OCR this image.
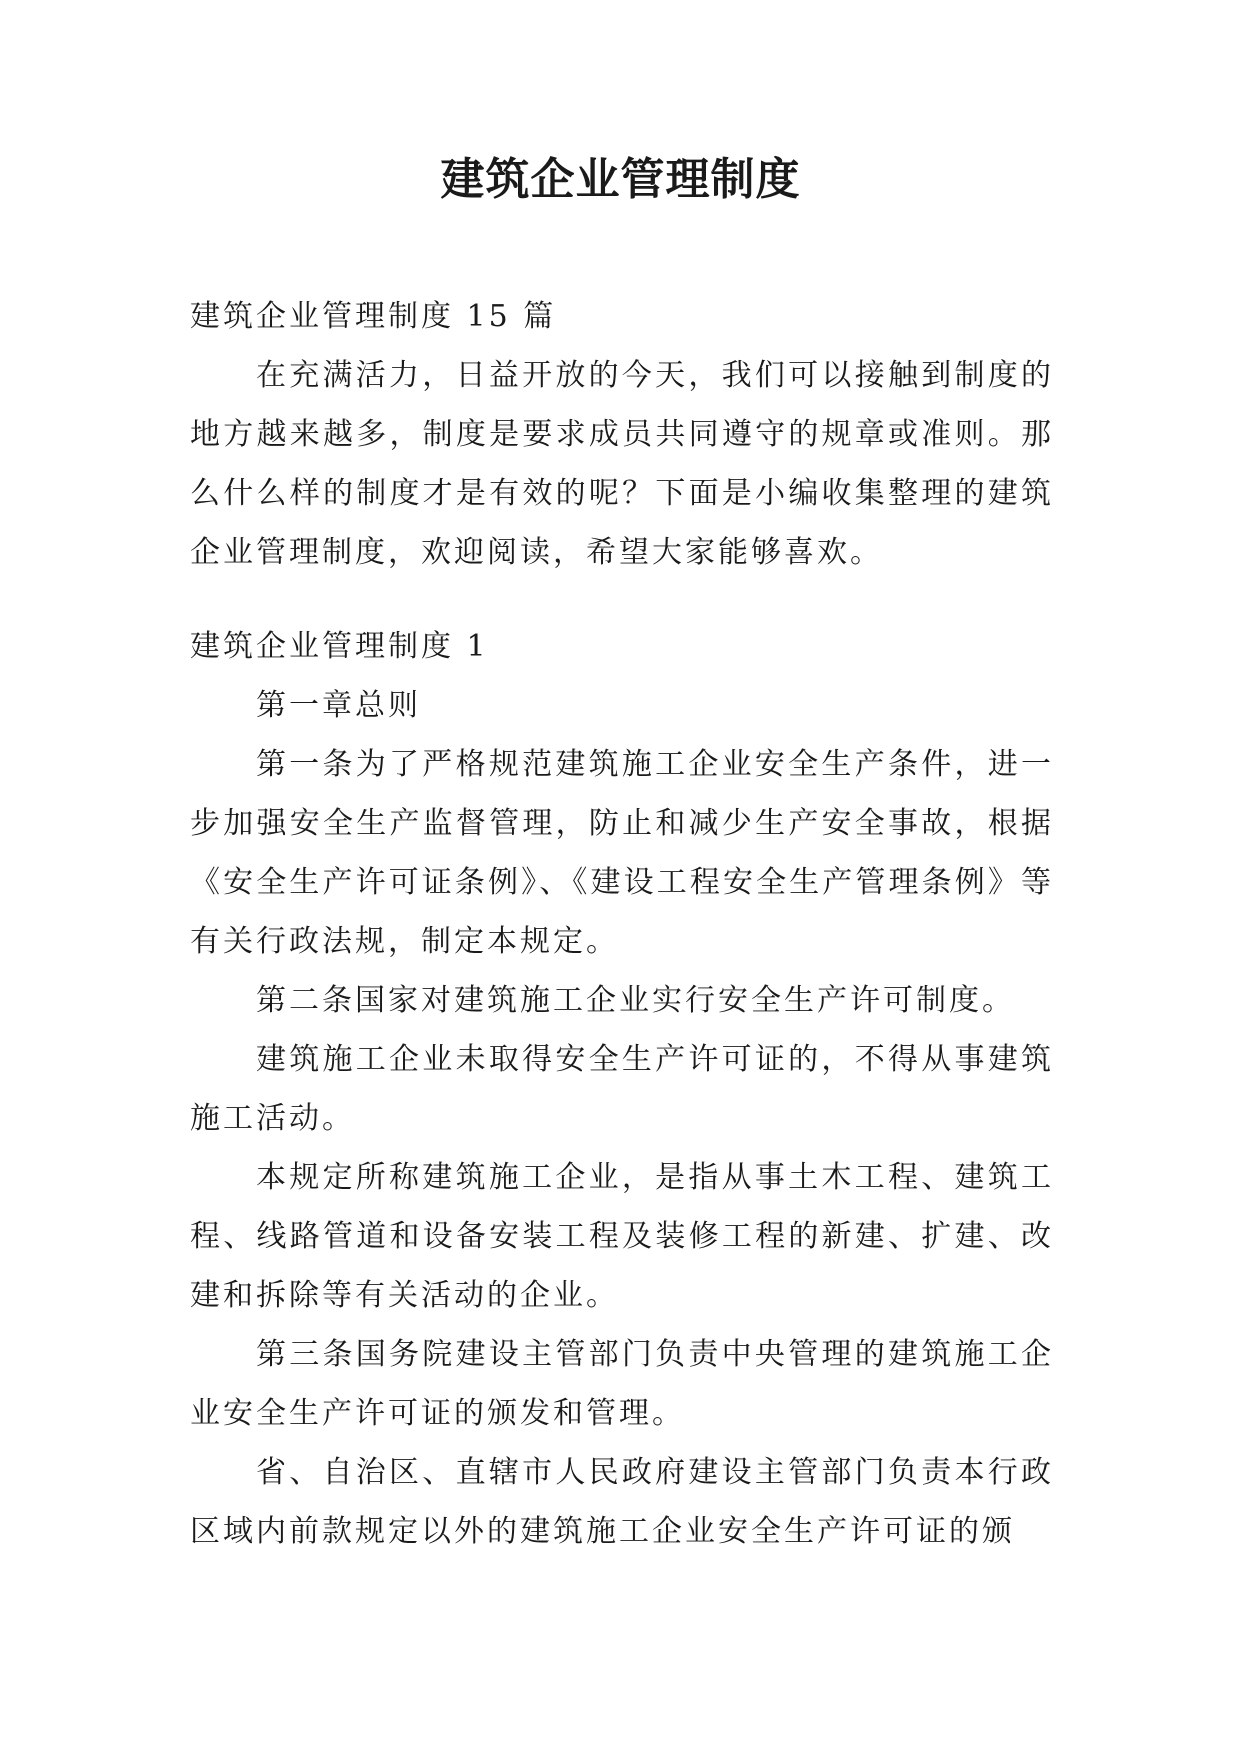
建筑企业管理制度

建筑企业管理制度 15 篇

在充满活力，日益开放的今天，我们可以接触到制度的地方越来越多，制度是要求成员共同遵守的规章或准则。那么什么样的制度才是有效的呢？下面是小编收集整理的建筑企业管理制度，欢迎阅读，希望大家能够喜欢。

建筑企业管理制度 1

第一章总则

第一条为了严格规范建筑施工企业安全生产条件，进一步加强安全生产监督管理，防止和减少生产安全事故，根据《安全生产许可证条例》、《建设工程安全生产管理条例》等有关行政法规，制定本规定。

第二条国家对建筑施工企业实行安全生产许可制度。

建筑施工企业未取得安全生产许可证的，不得从事建筑施工活动。

本规定所称建筑施工企业，是指从事土木工程、建筑工程、线路管道和设备安装工程及装修工程的新建、扩建、改建和拆除等有关活动的企业。

第三条国务院建设主管部门负责中央管理的建筑施工企业安全生产许可证的颁发和管理。

省、自治区、直辖市人民政府建设主管部门负责本行政区域内前款规定以外的建筑施工企业安全生产许可证的颁
